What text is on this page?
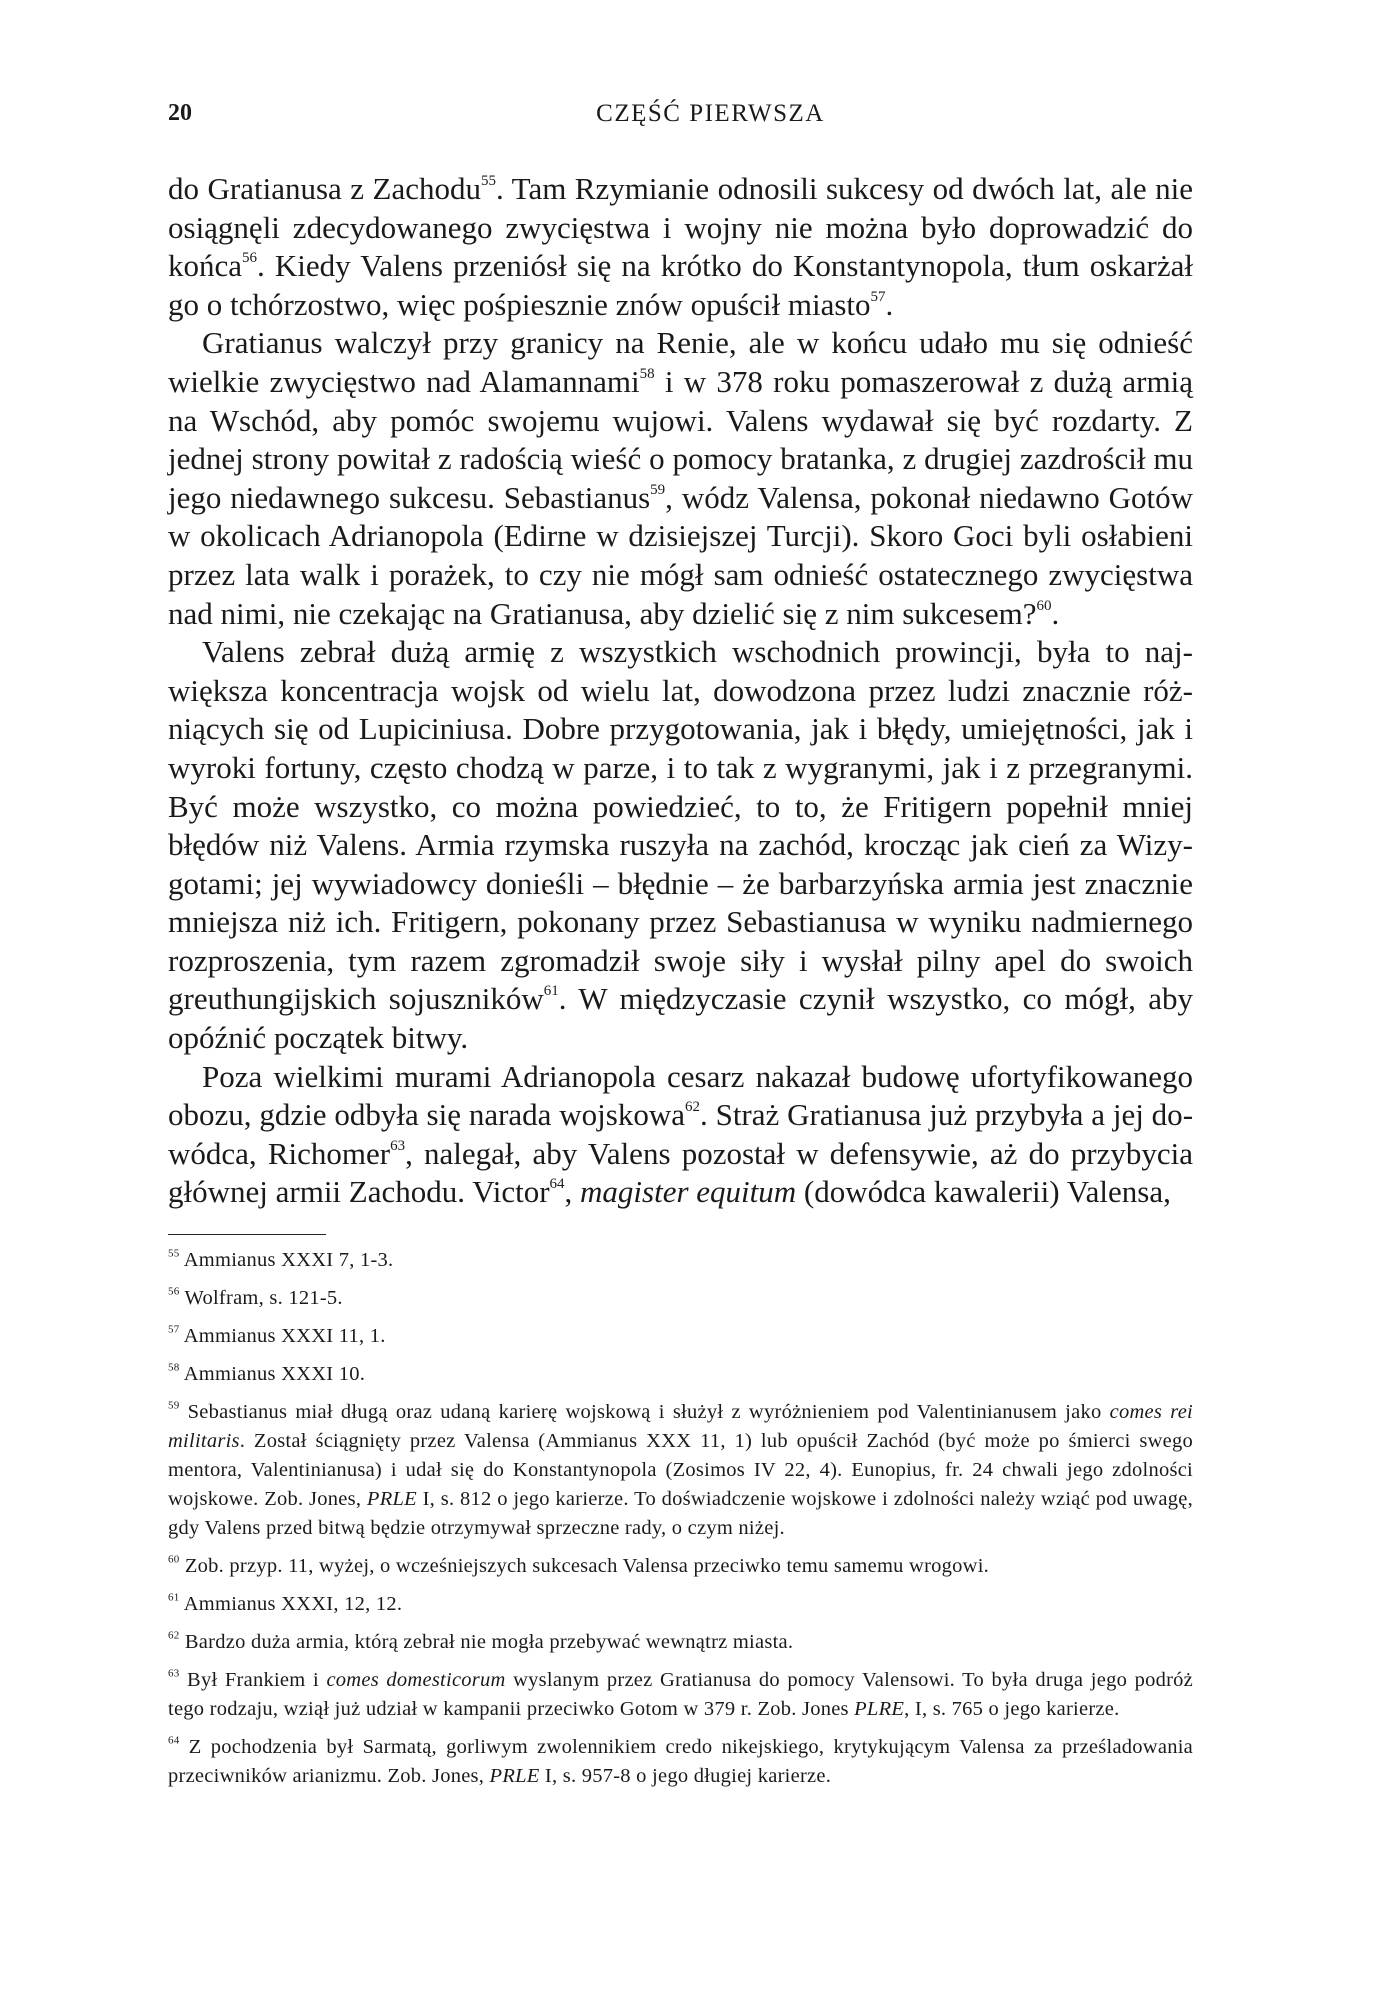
20	CZĘŚĆ PIERWSZA

do Gratianusa z Zachodu$^{55}$. Tam Rzymianie odnosili sukcesy od dwóch lat, ale nie osiągnęli zdecydowanego zwycięstwa i wojny nie można było doprowadzić do końca$^{56}$. Kiedy Valens przeniósł się na krótko do Konstantynopola, tłum oskarżał go o tchórzostwo, więc pośpiesznie znów opuścił miasto$^{57}$.

Gratianus walczył przy granicy na Renie, ale w końcu udało mu się odnieść wielkie zwycięstwo nad Alamannami$^{58}$ i w 378 roku pomaszerował z dużą armią na Wschód, aby pomóc swojemu wujowi. Valens wydawał się być rozdarty. Z jednej strony powitał z radością wieść o pomocy bratanka, z drugiej zazdrościł mu jego niedawnego sukcesu. Sebastianus$^{59}$, wódz Valensa, pokonał niedawno Gotów w okolicach Adrianopola (Edirne w dzisiejszej Turcji). Skoro Goci byli osłabieni przez lata walk i porażek, to czy nie mógł sam odnieść ostatecznego zwycięstwa nad nimi, nie czekając na Gratianusa, aby dzielić się z nim sukcesem?$^{60}$.

Valens zebrał dużą armię z wszystkich wschodnich prowincji, była to największa koncentracja wojsk od wielu lat, dowodzona przez ludzi znacznie różniących się od Lupiciniusa. Dobre przygotowania, jak i błędy, umiejętności, jak i wyroki fortuny, często chodzą w parze, i to tak z wygranymi, jak i z przegranymi. Być może wszystko, co można powiedzieć, to to, że Fritigern popełnił mniej błędów niż Valens. Armia rzymska ruszyła na zachód, krocząc jak cień za Wizygotami; jej wywiadowcy donieśli – błędnie – że barbarzyńska armia jest znacznie mniejsza niż ich. Fritigern, pokonany przez Sebastianusa w wyniku nadmiernego rozproszenia, tym razem zgromadził swoje siły i wysłał pilny apel do swoich greuthungijskich sojuszników$^{61}$. W międzyczasie czynił wszystko, co mógł, aby opóźnić początek bitwy.

Poza wielkimi murami Adrianopola cesarz nakazał budowę ufortyfikowanego obozu, gdzie odbyła się narada wojskowa$^{62}$. Straż Gratianusa już przybyła a jej dowódca, Richomer$^{63}$, nalegał, aby Valens pozostał w defensywie, aż do przybycia głównej armii Zachodu. Victor$^{64}$, magister equitum (dowódca kawalerii) Valensa,

$^{55}$ Ammianus XXXI 7, 1-3.

$^{56}$ Wolfram, s. 121-5.

$^{57}$ Ammianus XXXI 11, 1.

$^{58}$ Ammianus XXXI 10.

$^{59}$ Sebastianus miał długą oraz udaną karierę wojskową i służył z wyróżnieniem pod Valentinianusem jako comes rei militaris. Został ściągnięty przez Valensa (Ammianus XXX 11, 1) lub opuścił Zachód (być może po śmierci swego mentora, Valentinianusa) i udał się do Konstantynopola (Zosimos IV 22, 4). Eunopius, fr. 24 chwali jego zdolności wojskowe. Zob. Jones, PRLE I, s. 812 o jego karierze. To doświadczenie wojskowe i zdolności należy wziąć pod uwagę, gdy Valens przed bitwą będzie otrzymywał sprzeczne rady, o czym niżej.

$^{60}$ Zob. przyp. 11, wyżej, o wcześniejszych sukcesach Valensa przeciwko temu samemu wrogowi.

$^{61}$ Ammianus XXXI, 12, 12.

$^{62}$ Bardzo duża armia, którą zebrał nie mogła przebywać wewnątrz miasta.

$^{63}$ Był Frankiem i comes domesticorum wyslanym przez Gratianusa do pomocy Valensowi. To była druga jego podróż tego rodzaju, wziął już udział w kampanii przeciwko Gotom w 379 r. Zob. Jones PLRE, I, s. 765 o jego karierze.

$^{64}$ Z pochodzenia był Sarmatą, gorliwym zwolennikiem credo nikejskiego, krytykującym Valensa za prześladowania przeciwników arianizmu. Zob. Jones, PRLE I, s. 957-8 o jego długiej karierze.
